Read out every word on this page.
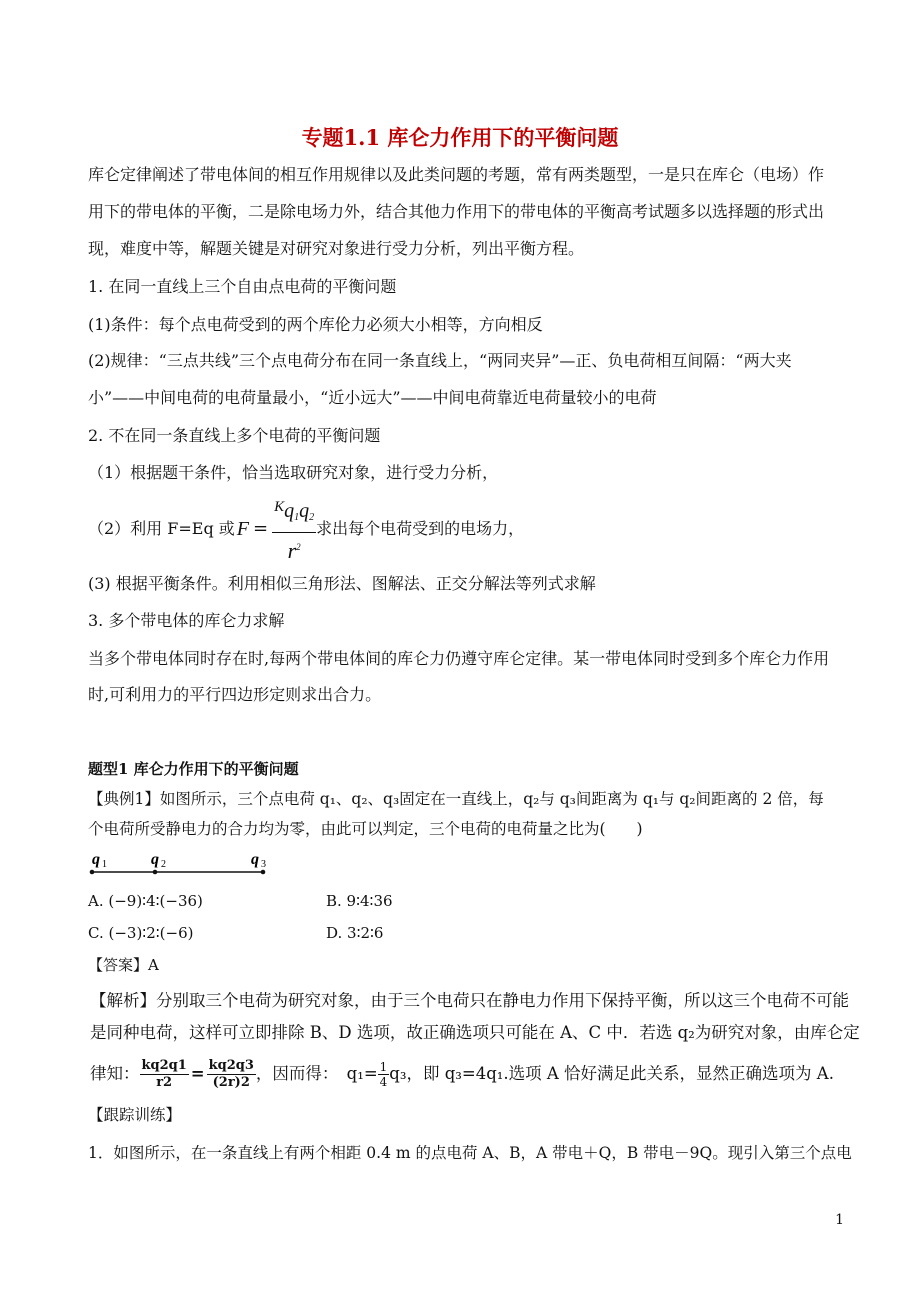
专题1.1 库仑力作用下的平衡问题
库仑定律阐述了带电体间的相互作用规律以及此类问题的考题，常有两类题型，一是只在库仑（电场）作
用下的带电体的平衡，二是除电场力外，结合其他力作用下的带电体的平衡高考试题多以选择题的形式出
现，难度中等，解题关键是对研究对象进行受力分析，列出平衡方程。
1. 在同一直线上三个自由点电荷的平衡问题
(1)条件：每个点电荷受到的两个库伦力必须大小相等，方向相反
(2)规律：“三点共线”三个点电荷分布在同一条直线上，“两同夹异”—正、负电荷相互间隔：“两大夹
小”——中间电荷的电荷量最小，“近小远大”——中间电荷靠近电荷量较小的电荷
2. 不在同一条直线上多个电荷的平衡问题
（1）根据题干条件，恰当选取研究对象，进行受力分析，
（2）利用 F=Eq 或 $F = \frac{^Kq_1q_2}{r^2}$ 求出每个电荷受到的电场力，
(3) 根据平衡条件。利用相似三角形法、图解法、正交分解法等列式求解
3. 多个带电体的库仑力求解
当多个带电体同时存在时,每两个带电体间的库仑力仍遵守库仑定律。某一带电体同时受到多个库仑力作用
时,可利用力的平行四边形定则求出合力。
题型1 库仑力作用下的平衡问题
【典例1】如图所示，三个点电荷 q₁、q₂、q₃固定在一直线上，q₂与 q₃间距离为 q₁与 q₂间距离的 2 倍，每
个电荷所受静电力的合力均为零，由此可以判定，三个电荷的电荷量之比为(　　)
q 1	q 2	q 3
A. (−9)∶4∶(−36)	B. 9∶4∶36
C. (−3)∶2∶(−6)	D. 3∶2∶6
【答案】A
【解析】分别取三个电荷为研究对象，由于三个电荷只在静电力作用下保持平衡，所以这三个电荷不可能
是同种电荷，这样可立即排除 B、D 选项，故正确选项只可能在 A、C 中．若选 q₂为研究对象，由库仑定
律知： $\frac{kq2q1}{r2} = \frac{kq2q3}{(2r)2}$ ，因而得：　$q_1= \frac{1}{4} q_3$，即 q₃=4q₁.选项 A 恰好满足此关系，显然正确选项为 A.
【跟踪训练】
1．如图所示，在一条直线上有两个相距 0.4 m 的点电荷 A、B，A 带电＋Q，B 带电－9Q。现引入第三个点电
1
